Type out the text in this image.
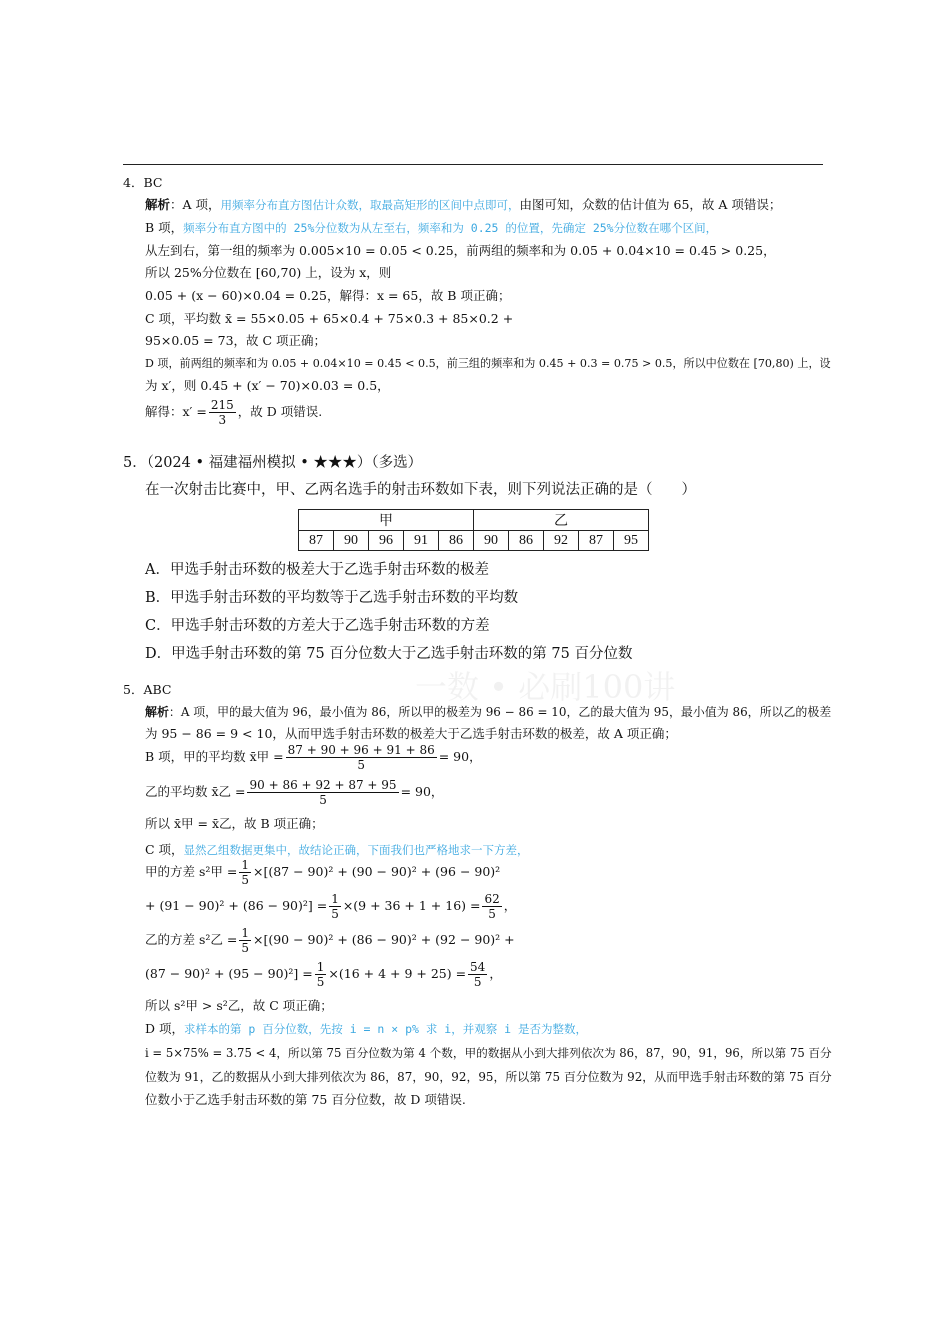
4．BC
解析：A 项，用频率分布直方图估计众数，取最高矩形的区间中点即可，由图可知，众数的估计值为 65，故 A 项错误；
B 项，频率分布直方图中的 25%分位数为从左至右，频率和为 0.25 的位置，先确定 25%分位数在哪个区间，
从左到右，第一组的频率为 0.005×10 = 0.05 < 0.25，前两组的频率和为 0.05 + 0.04×10 = 0.45 > 0.25，
所以 25%分位数在 [60,70) 上，设为 x，则
0.05 + (x − 60)×0.04 = 0.25，解得：x = 65，故 B 项正确；
C 项，平均数 x̄ = 55×0.05 + 65×0.4 + 75×0.3 + 85×0.2 +
95×0.05 = 73，故 C 项正确；
D 项，前两组的频率和为 0.05 + 0.04×10 = 0.45 < 0.5，前三组的频率和为 0.45 + 0.3 = 0.75 > 0.5，所以中位数在 [70,80) 上，设
为 x′，则 0.45 + (x′ − 70)×0.03 = 0.5，
解得：$x' = \frac{215}{3}$ ，故 D 项错误.
5．（2024 • 福建福州模拟 • ★★★）（多选）
在一次射击比赛中，甲、乙两名选手的射击环数如下表，则下列说法正确的是（　　）
甲					乙				
87	90	96	91	86	90	86	92	87	95
A．甲选手射击环数的极差大于乙选手射击环数的极差
B．甲选手射击环数的平均数等于乙选手射击环数的平均数
C．甲选手射击环数的方差大于乙选手射击环数的方差
D．甲选手射击环数的第 75 百分位数大于乙选手射击环数的第 75 百分位数
一数 • 必刷100讲
5．ABC
解析：A 项，甲的最大值为 96，最小值为 86，所以甲的极差为 96 − 86 = 10，乙的最大值为 95，最小值为 86，所以乙的极差
为 95 − 86 = 9 < 10，从而甲选手射击环数的极差大于乙选手射击环数的极差，故 A 项正确；
B 项，甲的平均数 x̄甲 = $\frac{87 + 90 + 96 + 91 + 86}{5} = 90$，
乙的平均数 x̄乙 = $\frac{90 + 86 + 92 + 87 + 95}{5} = 90$，
所以 x̄甲 = x̄乙，故 B 项正确；
C 项，显然乙组数据更集中，故结论正确，下面我们也严格地求一下方差，
甲的方差 s²甲 = $\frac{1}{5} \times[(87 - 90)^2 + (90 - 90)^2 + (96 - 90)^2$
+ $(91 - 90)^2 + (86 - 90)^2] = \frac{1}{5} \times(9 + 36 + 1 + 16) = \frac{62}{5}$ ，
乙的方差 s²乙 = $\frac{1}{5} \times[(90 - 90)^2 + (86 - 90)^2 + (92 - 90)^2$ +
$(87 - 90)^2 + (95 - 90)^2] = \frac{1}{5} \times(16 + 4 + 9 + 25) = \frac{54}{5}$ ，
所以 s²甲 > s²乙，故 C 项正确；
D 项，求样本的第 p 百分位数，先按 i = n × p% 求 i，并观察 i 是否为整数，
i = 5×75% = 3.75 < 4，所以第 75 百分位数为第 4 个数，甲的数据从小到大排列依次为 86，87，90，91，96，所以第 75 百分
位数为 91，乙的数据从小到大排列依次为 86，87，90，92，95，所以第 75 百分位数为 92，从而甲选手射击环数的第 75 百分
位数小于乙选手射击环数的第 75 百分位数，故 D 项错误.
